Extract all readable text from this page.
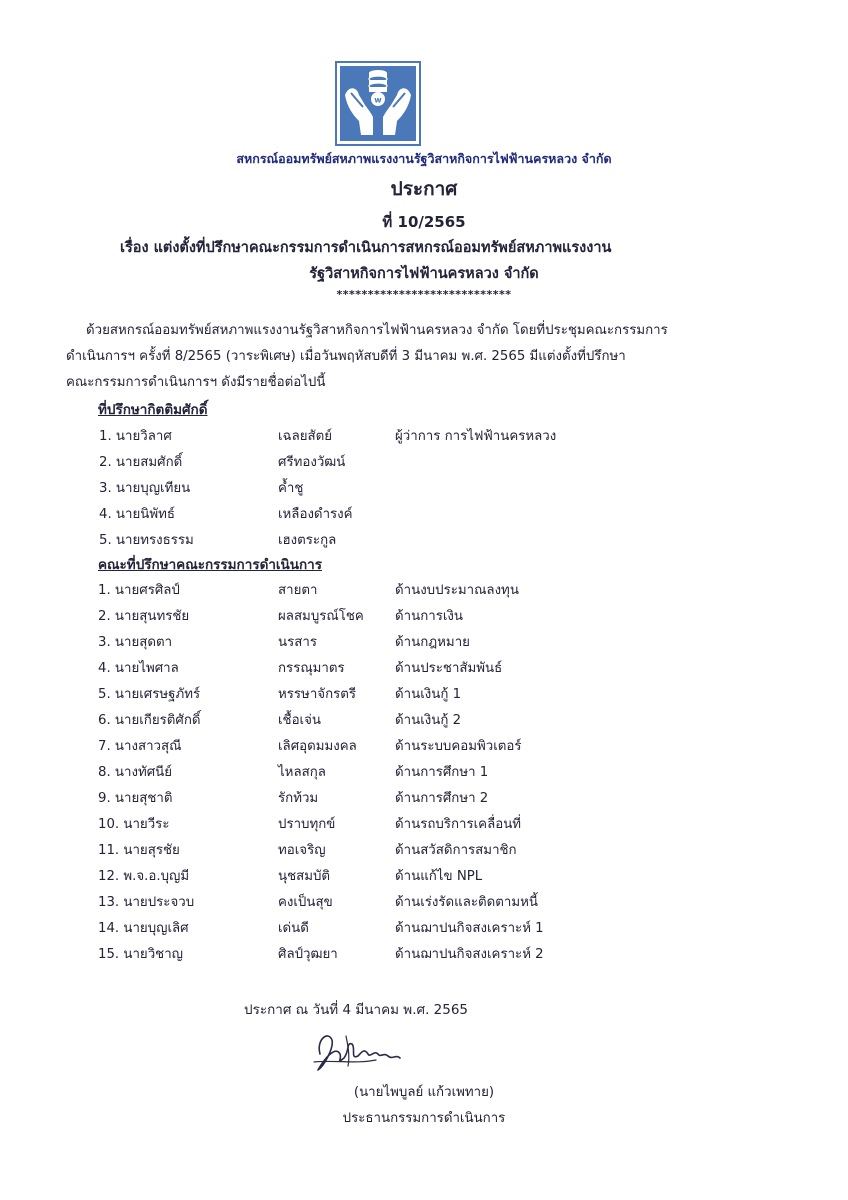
w
สหกรณ์ออมทรัพย์สหภาพแรงงานรัฐวิสาหกิจการไฟฟ้านครหลวง จำกัด
ประกาศ
ที่ 10/2565
เรื่อง แต่งตั้งที่ปรึกษาคณะกรรมการดำเนินการสหกรณ์ออมทรัพย์สหภาพแรงงาน
รัฐวิสาหกิจการไฟฟ้านครหลวง จำกัด
****************************
ด้วยสหกรณ์ออมทรัพย์สหภาพแรงงานรัฐวิสาหกิจการไฟฟ้านครหลวง จำกัด โดยที่ประชุมคณะกรรมการ
ดำเนินการฯ ครั้งที่ 8/2565 (วาระพิเศษ) เมื่อวันพฤหัสบดีที่ 3 มีนาคม พ.ศ. 2565 มีแต่งตั้งที่ปรึกษา
คณะกรรมการดำเนินการฯ ดังมีรายชื่อต่อไปนี้
ที่ปรึกษากิตติมศักดิ์
1. นายวิลาศ	เฉลยสัตย์	ผู้ว่าการ การไฟฟ้านครหลวง
2. นายสมศักดิ์	ศรีทองวัฒน์
3. นายบุญเทียน	ค้ำชู
4. นายนิพัทธ์	เหลืองดำรงค์
5. นายทรงธรรม	เฮงตระกูล
คณะที่ปรึกษาคณะกรรมการดำเนินการ
1. นายศรศิลป์	สายตา	ด้านงบประมาณลงทุน
2. นายสุนทรชัย	ผลสมบูรณ์โชค ด้านการเงิน
3. นายสุดตา	นรสาร	ด้านกฎหมาย
4. นายไพศาล	กรรณุมาตร	ด้านประชาสัมพันธ์
5. นายเศรษฐภัทร์	หรรษาจักรตรี	ด้านเงินกู้ 1
6. นายเกียรติศักดิ์	เชื้อเจ่น	ด้านเงินกู้ 2
7. นางสาวสุณี	เลิศอุดมมงคล	ด้านระบบคอมพิวเตอร์
8. นางทัศนีย์	ไหลสกุล	ด้านการศึกษา 1
9. นายสุชาติ	รักท้วม	ด้านการศึกษา 2
10. นายวีระ	ปราบทุกข์	ด้านรถบริการเคลื่อนที่
11. นายสุรชัย	ทอเจริญ	ด้านสวัสดิการสมาชิก
12. พ.จ.อ.บุญมี	นุชสมบัติ	ด้านแก้ไข NPL
13. นายประจวบ	คงเป็นสุข	ด้านเร่งรัดและติดตามหนี้
14. นายบุญเลิศ	เด่นดี	ด้านฌาปนกิจสงเคราะห์ 1
15. นายวิชาญ	ศิลป์วุฒยา	ด้านฌาปนกิจสงเคราะห์ 2
ประกาศ ณ วันที่ 4 มีนาคม พ.ศ. 2565
(นายไพบูลย์ แก้วเพทาย)
ประธานกรรมการดำเนินการ
